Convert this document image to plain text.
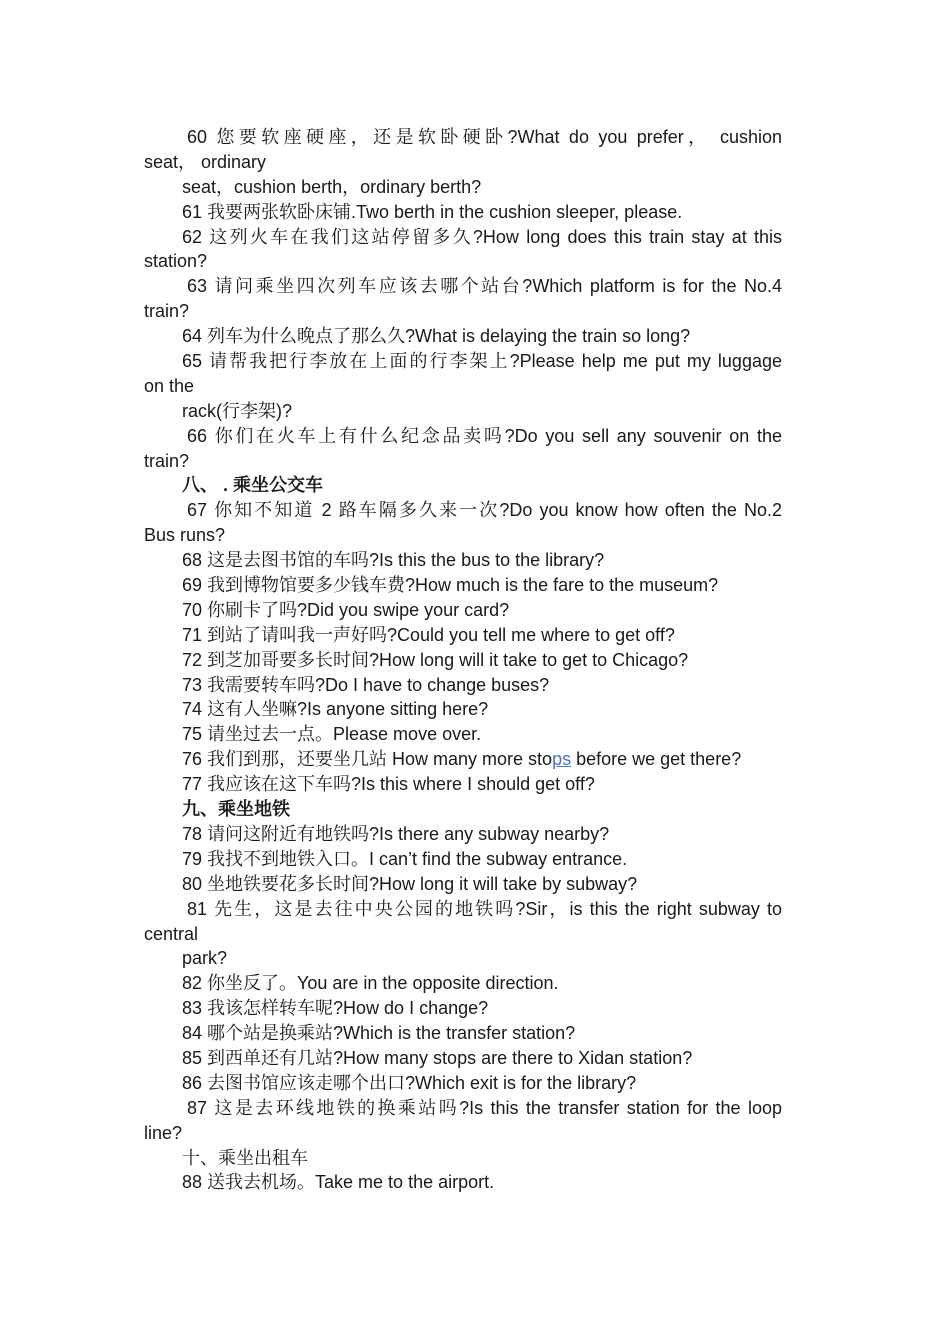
60 您要软座硬座，还是软卧硬卧?What do you prefer， cushion
seat， ordinary
seat，cushion berth，ordinary berth?
61 我要两张软卧床铺.Two berth in the cushion sleeper, please.
62 这列火车在我们这站停留多久?How long does this train stay at this
station?
63 请问乘坐四次列车应该去哪个站台?Which platform is for the No.4
train?
64 列车为什么晚点了那么久?What is delaying the train so long?
65 请帮我把行李放在上面的行李架上?Please help me put my luggage
on the
rack(行李架)?
66 你们在火车上有什么纪念品卖吗?Do you sell any souvenir on the
train?
八、 . 乘坐公交车
67 你知不知道 2 路车隔多久来一次?Do you know how often the No.2
Bus runs?
68 这是去图书馆的车吗?Is this the bus to the library?
69 我到博物馆要多少钱车费?How much is the fare to the museum?
70 你刷卡了吗?Did you swipe your card?
71 到站了请叫我一声好吗?Could you tell me where to get off?
72 到芝加哥要多长时间?How long will it take to get to Chicago?
73 我需要转车吗?Do I have to change buses?
74 这有人坐嘛?Is anyone sitting here?
75 请坐过去一点。Please move over.
76 我们到那，还要坐几站 How many more stops before we get there?
77 我应该在这下车吗?Is this where I should get off?
九、乘坐地铁
78 请问这附近有地铁吗?Is there any subway nearby?
79 我找不到地铁入口。I can’t find the subway entrance.
80 坐地铁要花多长时间?How long it will take by subway?
81 先生，这是去往中央公园的地铁吗?Sir，is this the right subway to
central
park?
82 你坐反了。You are in the opposite direction.
83 我该怎样转车呢?How do I change?
84 哪个站是换乘站?Which is the transfer station?
85 到西单还有几站?How many stops are there to Xidan station?
86 去图书馆应该走哪个出口?Which exit is for the library?
87 这是去环线地铁的换乘站吗?Is this the transfer station for the loop
line?
十、乘坐出租车
88 送我去机场。Take me to the airport.
